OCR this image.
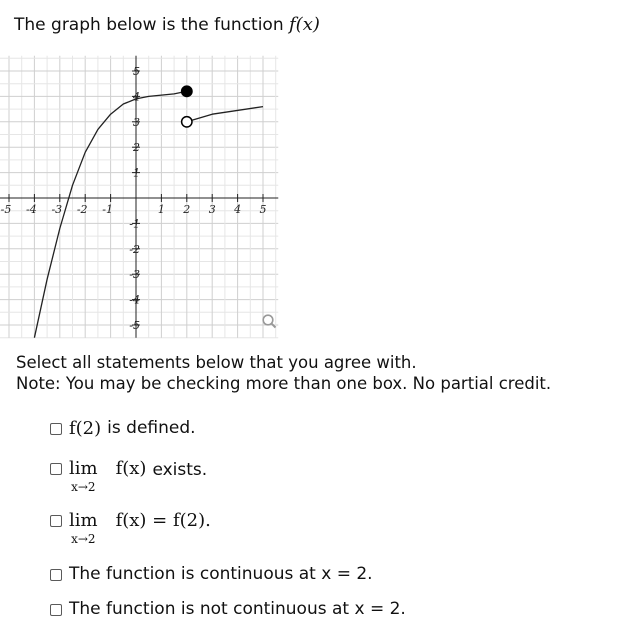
The graph below is the function f(x)
-5 -4 -3 -2 -1	1 2 3 4 5
5
4
3
2
1
-1
-2
-3
-4
-5
Select all statements below that you agree with.
Note: You may be checking more than one box. No partial credit.
f(2) is defined.
lim
x→2
f(x) exists.
lim
x→2
f(x) = f(2).
The function is continuous at x = 2.
The function is not continuous at x = 2.
